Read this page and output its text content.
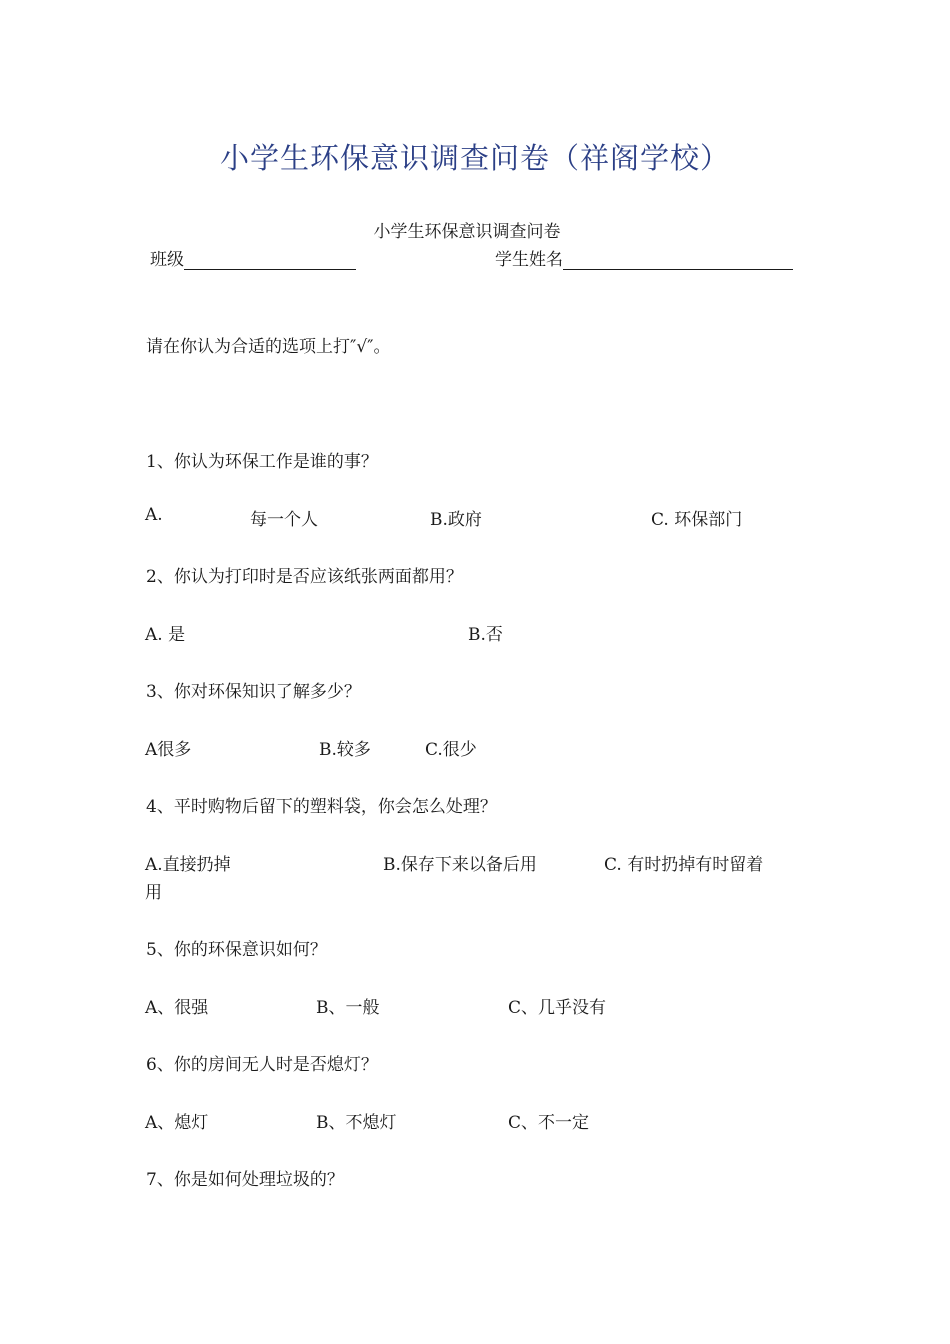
小学生环保意识调查问卷（祥阁学校）
小学生环保意识调查问卷
班级	学生姓名
请在你认为合适的选项上打″√″。
1、你认为环保工作是谁的事？
A.	每一个人	B.政府	C. 环保部门
2、你认为打印时是否应该纸张两面都用？
A. 是	B.否
3、你对环保知识了解多少？
A很多	B.较多	C.很少
4、平时购物后留下的塑料袋，你会怎么处理？
A.直接扔掉	B.保存下来以备后用	C. 有时扔掉有时留着
用
5、你的环保意识如何？
A、很强	B、一般	C、几乎没有
6、你的房间无人时是否熄灯？
A、熄灯	B、不熄灯	C、不一定
7、你是如何处理垃圾的？
